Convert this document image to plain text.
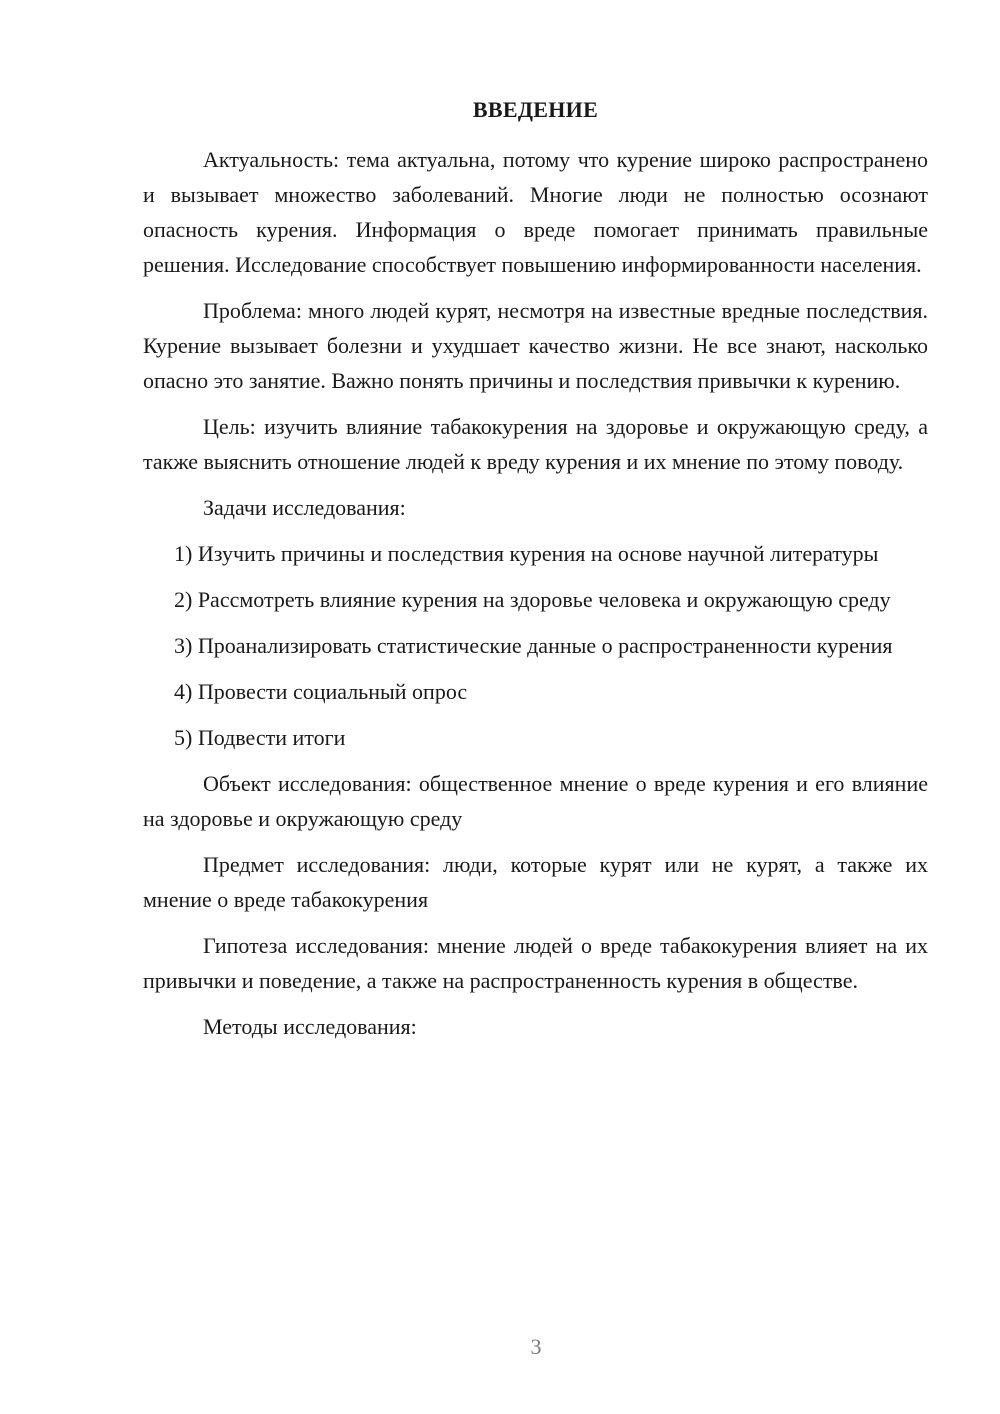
ВВЕДЕНИЕ

Актуальность: тема актуальна, потому что курение широко распространено и вызывает множество заболеваний. Многие люди не полностью осознают опасность курения. Информация о вреде помогает принимать правильные решения. Исследование способствует повышению информированности населения.

Проблема: много людей курят, несмотря на известные вредные последствия. Курение вызывает болезни и ухудшает качество жизни. Не все знают, насколько опасно это занятие. Важно понять причины и последствия привычки к курению.

Цель: изучить влияние табакокурения на здоровье и окружающую среду, а также выяснить отношение людей к вреду курения и их мнение по этому поводу.

Задачи исследования:

1) Изучить причины и последствия курения на основе научной литературы

2) Рассмотреть влияние курения на здоровье человека и окружающую среду

3) Проанализировать статистические данные о распространенности курения

4) Провести социальный опрос

5) Подвести итоги

Объект исследования: общественное мнение о вреде курения и его влияние на здоровье и окружающую среду

Предмет исследования: люди, которые курят или не курят, а также их мнение о вреде табакокурения

Гипотеза исследования: мнение людей о вреде табакокурения влияет на их привычки и поведение, а также на распространенность курения в обществе.

Методы исследования:

3
